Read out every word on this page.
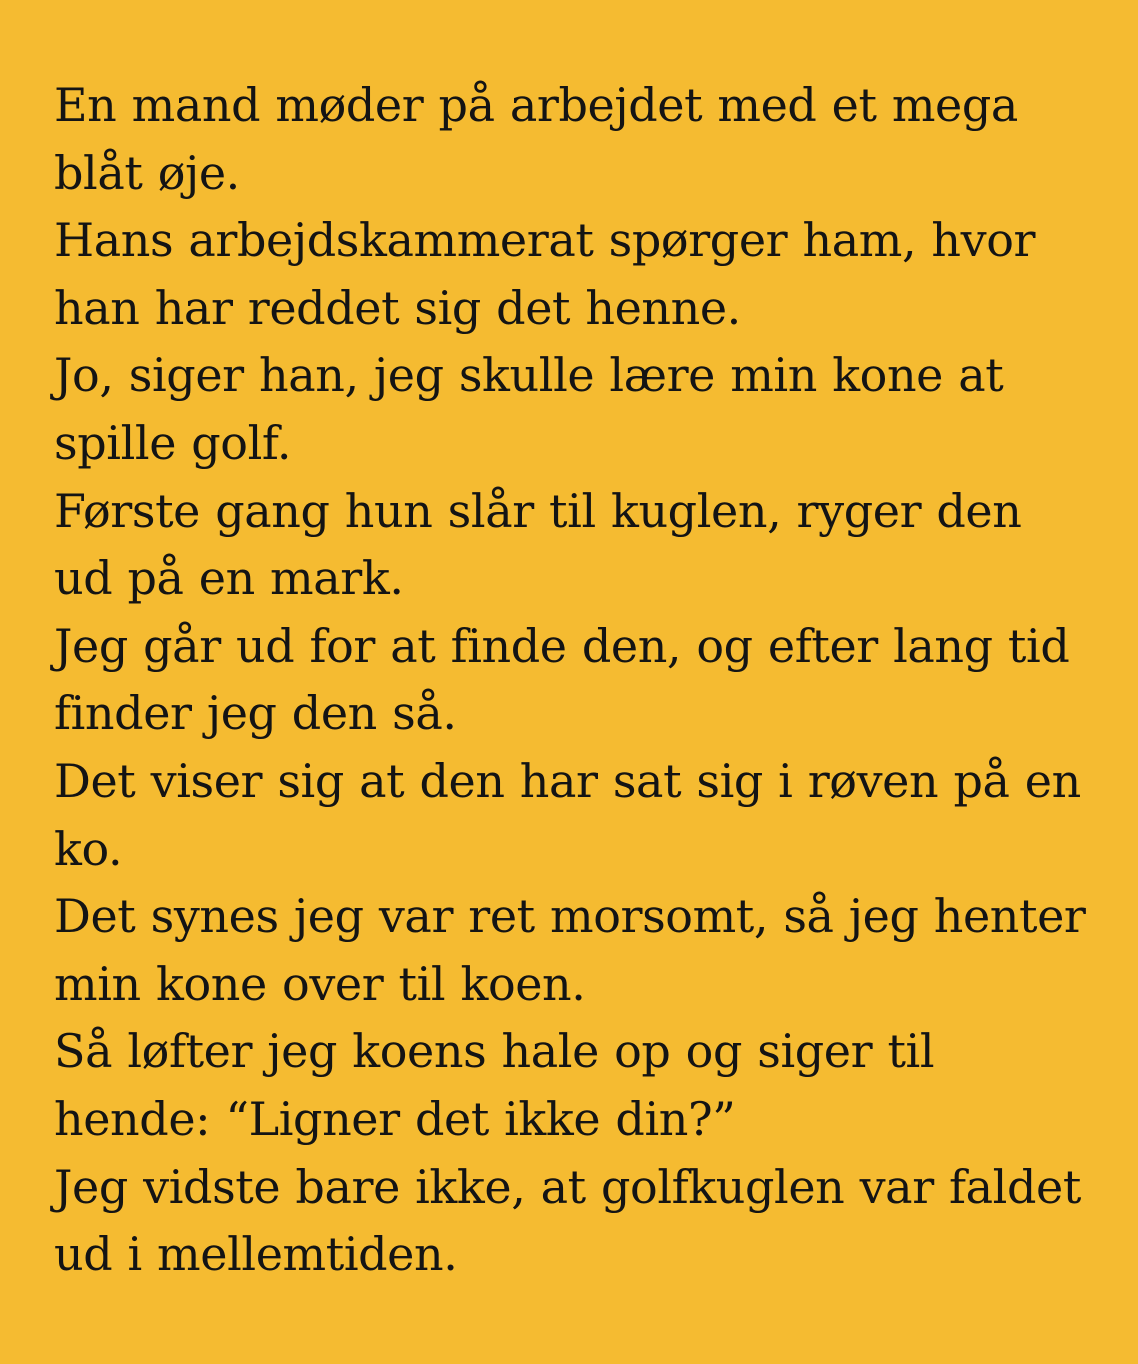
En mand møder på arbejdet med et mega blåt øje.

Hans arbejdskammerat spørger ham, hvor han har reddet sig det henne.

Jo, siger han, jeg skulle lære min kone at spille golf.

Første gang hun slår til kuglen, ryger den ud på en mark.

Jeg går ud for at finde den, og efter lang tid finder jeg den så.

Det viser sig at den har sat sig i røven på en ko.

Det synes jeg var ret morsomt, så jeg henter min kone over til koen.

Så løfter jeg koens hale op og siger til hende: “Ligner det ikke din?”

Jeg vidste bare ikke, at golfkuglen var faldet ud i mellemtiden.
